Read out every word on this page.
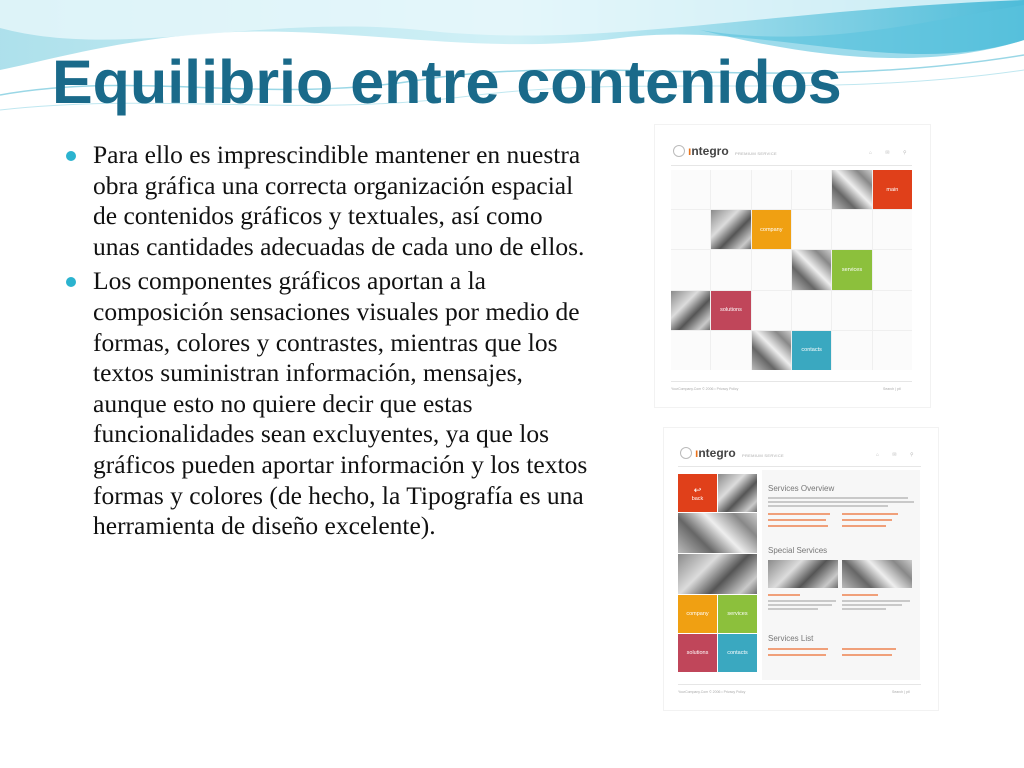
Equilibrio entre contenidos
Para ello es imprescindible mantener en nuestra obra gráfica una correcta organización espacial de contenidos gráficos y textuales, así como unas cantidades adecuadas de cada uno de ellos.
Los componentes gráficos aportan a la composición sensaciones visuales por medio de formas, colores y contrastes, mientras que los textos suministran información, mensajes, aunque esto no quiere decir que estas funcionalidades sean excluyentes, ya que los gráficos pueden aportar información y los textos formas y colores (de hecho, la Tipografía es una herramienta de diseño excelente).
ıntegro PREMIUM SERVICE	⌂ ✉ ⚲
main
company
services
solutions
contacts
YourCompany.Com © 2006 • Privacy Policy	Search | ptl
ıntegro PREMIUM SERVICE	⌂ ✉ ⚲
↩
back
company	services
solutions	contacts
Services Overview
Special Services
Services List
YourCompany.Com © 2006 • Privacy Policy	Search | ptl
